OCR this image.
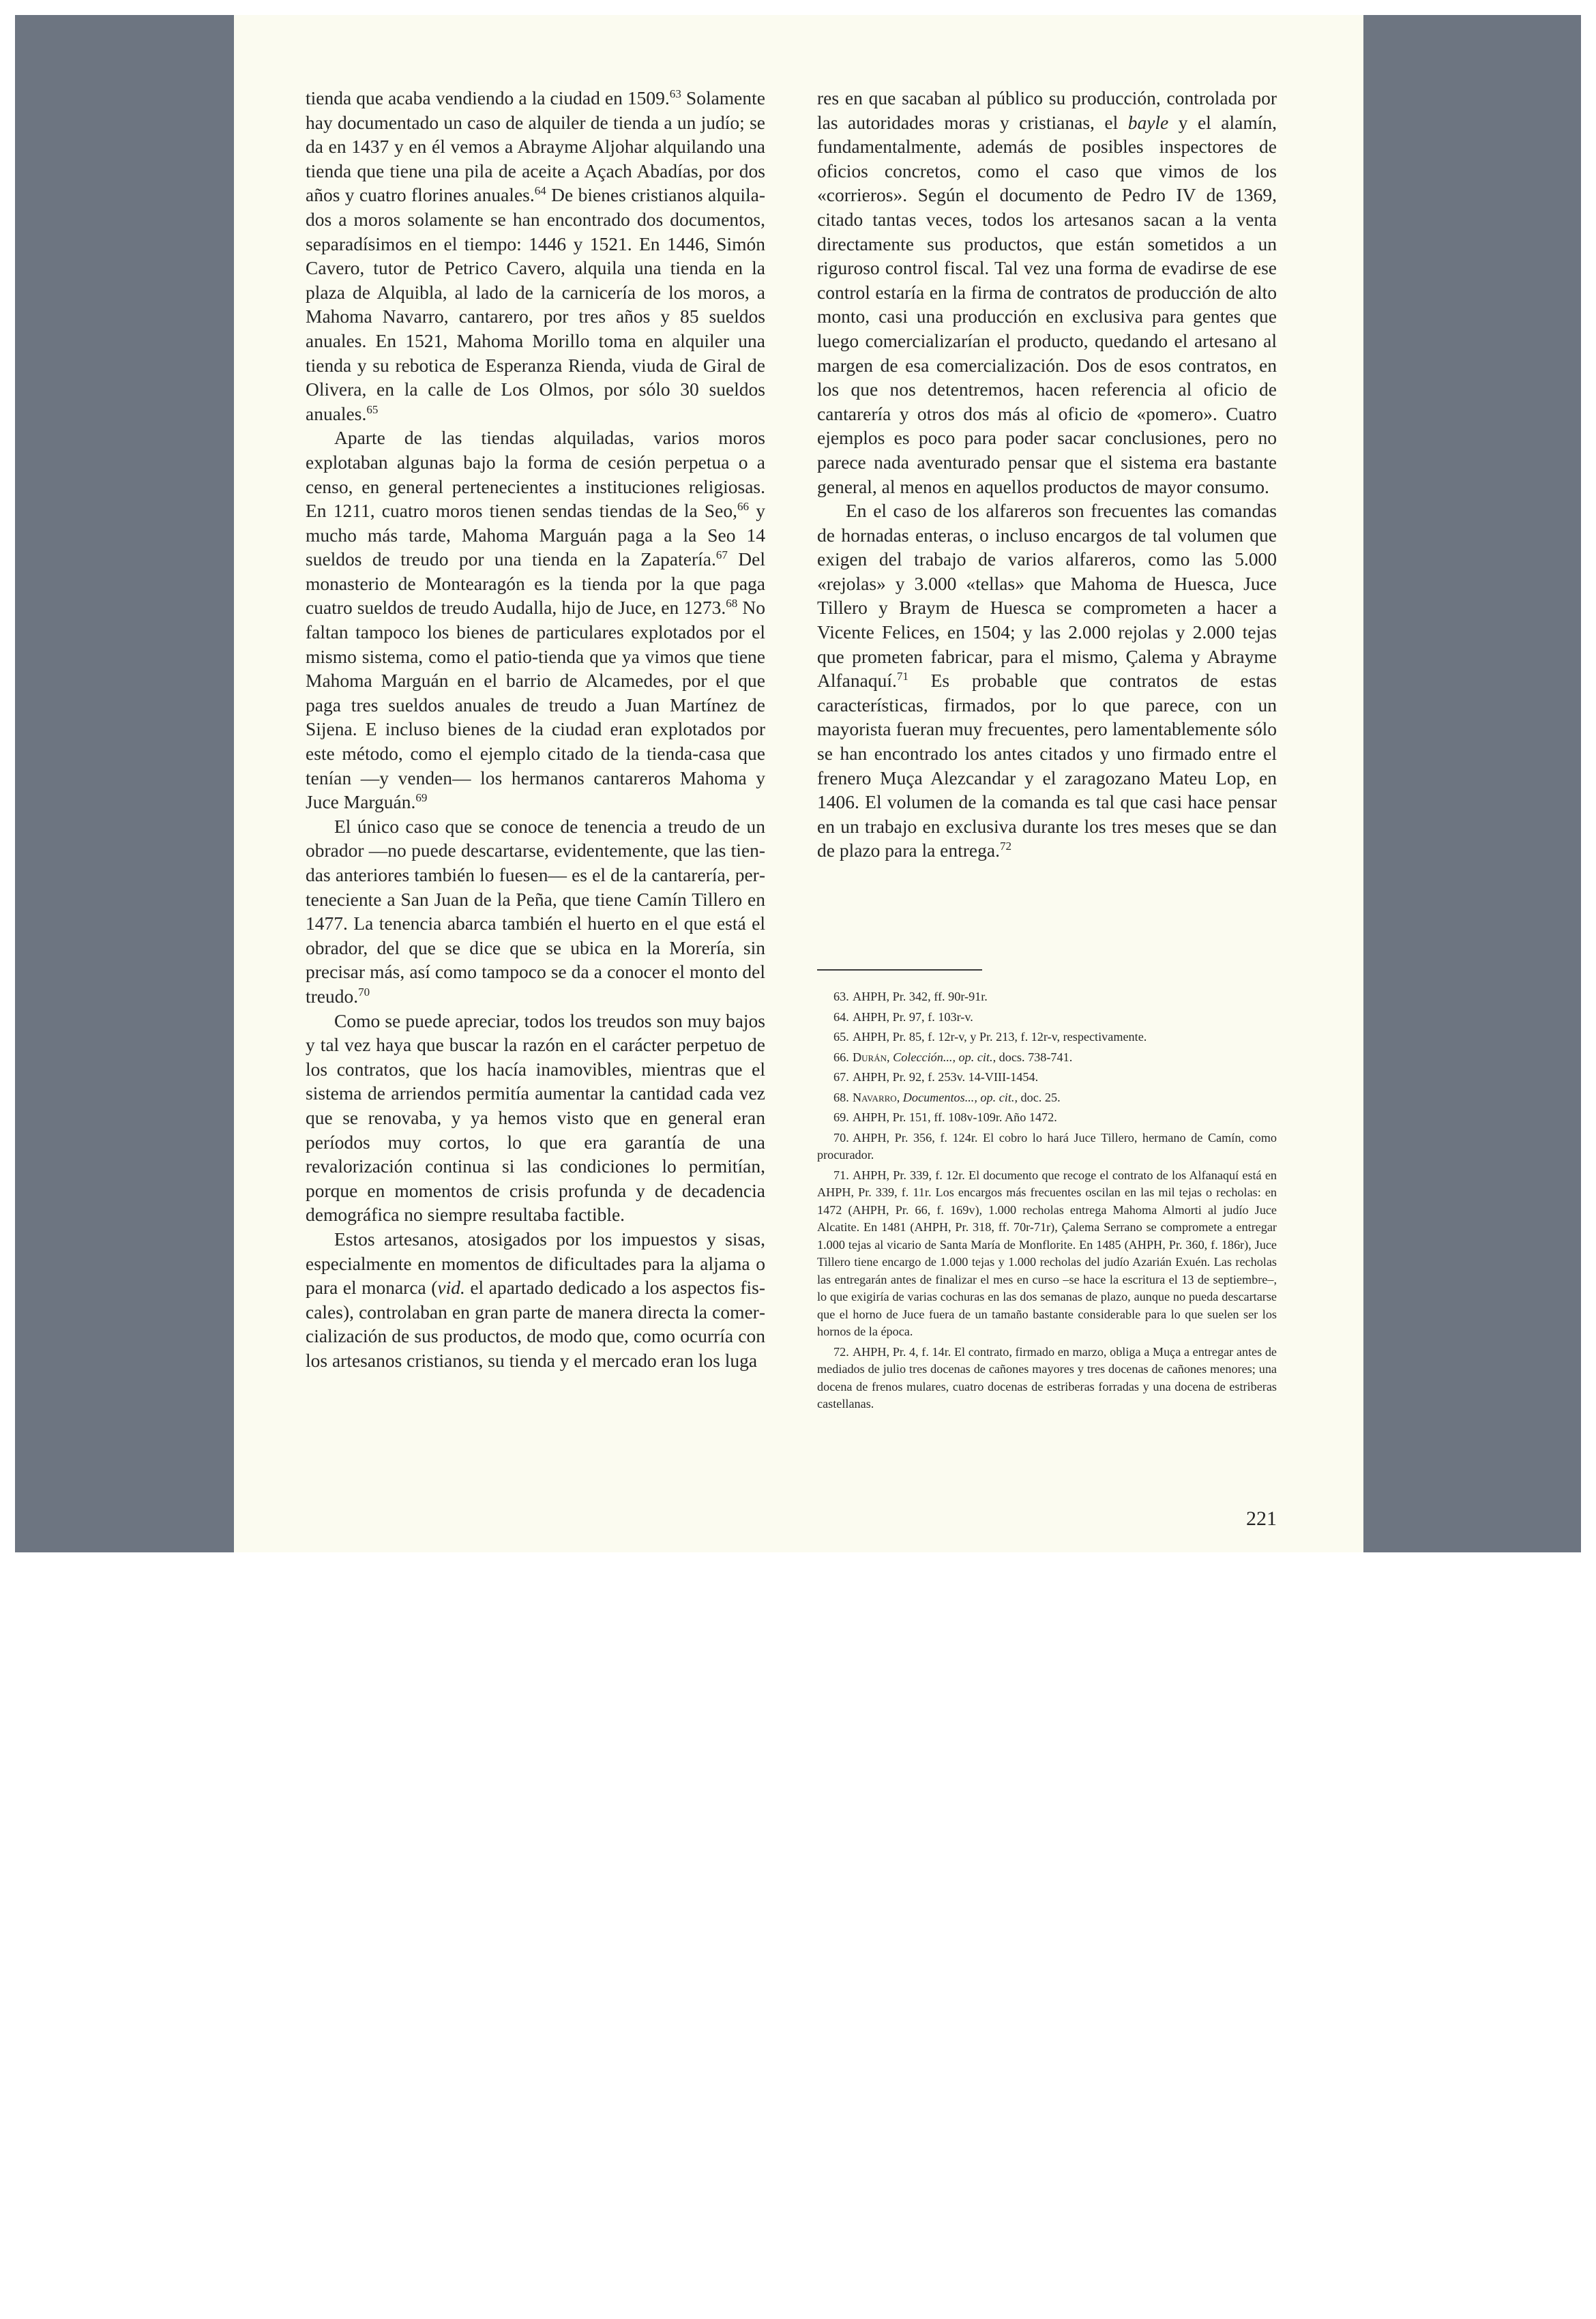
tienda que acaba vendiendo a la ciudad en 1509.63 Solamente hay documentado un caso de alquiler de tienda a un judío; se da en 1437 y en él vemos a Abrayme Aljohar alquilando una tienda que tiene una pila de aceite a Açach Abadías, por dos años y cuatro florines anuales.$^{64}$ De bienes cristianos alquilados a moros solamente se han encontrado dos documentos, separadísimos en el tiempo: 1446 y 1521. En 1446, Simón Cavero, tutor de Petrico Cavero, alquila una tienda en la plaza de Alquibla, al lado de la carnicería de los moros, a Mahoma Navarro, cantarero, por tres años y 85 sueldos anuales. En 1521, Mahoma Morillo toma en alquiler una tienda y su rebotica de Esperanza Rienda, viuda de Giral de Olivera, en la calle de Los Olmos, por sólo 30 sueldos anuales.$^{65}$

Aparte de las tiendas alquiladas, varios moros explotaban algunas bajo la forma de cesión perpetua o a censo, en general pertenecientes a instituciones religiosas. En 1211, cuatro moros tienen sendas tiendas de la Seo,$^{66}$ y mucho más tarde, Mahoma Marguán paga a la Seo 14 sueldos de treudo por una tienda en la Zapatería.$^{67}$ Del monasterio de Montearagón es la tienda por la que paga cuatro sueldos de treudo Audalla, hijo de Juce, en 1273.68 No faltan tampoco los bienes de particulares explotados por el mismo sistema, como el patio-tienda que ya vimos que tiene Mahoma Marguán en el barrio de Alcamedes, por el que paga tres sueldos anuales de treudo a Juan Martínez de Sijena. E incluso bienes de la ciudad eran explotados por este método, como el ejemplo citado de la tienda-casa que tenían —y venden— los hermanos cantareros Mahoma y Juce Marguán.$^{69}$

El único caso que se conoce de tenencia a treudo de un obrador —no puede descartarse, evidentemente, que las tiendas anteriores también lo fuesen— es el de la cantarería, perteneciente a San Juan de la Peña, que tiene Camín Tillero en 1477. La tenencia abarca también el huerto en el que está el obrador, del que se dice que se ubica en la Morería, sin precisar más, así como tampoco se da a conocer el monto del treudo.$^{70}$

Como se puede apreciar, todos los treudos son muy bajos y tal vez haya que buscar la razón en el carácter perpetuo de los contratos, que los hacía inamovibles, mientras que el sistema de arriendos permitía aumentar la cantidad cada vez que se renovaba, y ya hemos visto que en general eran períodos muy cortos, lo que era garantía de una revalorización continua si las condiciones lo permitían, porque en momentos de crisis profunda y de decadencia demográfica no siempre resultaba factible.

Estos artesanos, atosigados por los impuestos y sisas, especialmente en momentos de dificultades para la aljama o para el monarca (vid. el apartado dedicado a los aspectos fiscales), controlaban en gran parte de manera directa la comercialización de sus productos, de modo que, como ocurría con los artesanos cristianos, su tienda y el mercado eran los luga

res en que sacaban al público su producción, controlada por las autoridades moras y cristianas, el bayle y el alamín, fundamentalmente, además de posibles inspectores de oficios concretos, como el caso que vimos de los «corrieros». Según el documento de Pedro IV de 1369, citado tantas veces, todos los artesanos sacan a la venta directamente sus productos, que están sometidos a un riguroso control fiscal. Tal vez una forma de evadirse de ese control estaría en la firma de contratos de producción de alto monto, casi una producción en exclusiva para gentes que luego comercializarían el producto, quedando el artesano al margen de esa comercialización. Dos de esos contratos, en los que nos detentremos, hacen referencia al oficio de cantarería y otros dos más al oficio de «pomero». Cuatro ejemplos es poco para poder sacar conclusiones, pero no parece nada aventurado pensar que el sistema era bastante general, al menos en aquellos productos de mayor consumo.

En el caso de los alfareros son frecuentes las comandas de hornadas enteras, o incluso encargos de tal volumen que exigen del trabajo de varios alfareros, como las 5.000 «rejolas» y 3.000 «tellas» que Mahoma de Huesca, Juce Tillero y Braym de Huesca se comprometen a hacer a Vicente Felices, en 1504; y las 2.000 rejolas y 2.000 tejas que prometen fabricar, para el mismo, Çalema y Abrayme Alfanaquí.$^{71}$ Es probable que contratos de estas características, firmados, por lo que parece, con un mayorista fueran muy frecuentes, pero lamentablemente sólo se han encontrado los antes citados y uno firmado entre el frenero Muça Alezcandar y el zaragozano Mateu Lop, en 1406. El volumen de la comanda es tal que casi hace pensar en un trabajo en exclusiva durante los tres meses que se dan de plazo para la entrega.$^{72}$

63. AHPH, Pr. 342, ff. 90r-91r.

64. AHPH, Pr. 97, f. 103r-v.

65. AHPH, Pr. 85, f. 12r-v, y Pr. 213, f. 12r-v, respectivamente.

66. Durán, Colección..., op. cit., docs. 738-741.

67. AHPH, Pr. 92, f. 253v. 14-VIII-1454.

68. Navarro, Documentos..., op. cit., doc. 25.

69. AHPH, Pr. 151, ff. 108v-109r. Año 1472.

70. AHPH, Pr. 356, f. 124r. El cobro lo hará Juce Tillero, hermano de Camín, como procurador.

71. AHPH, Pr. 339, f. 12r. El documento que recoge el contrato de los Alfanaquí está en AHPH, Pr. 339, f. 11r. Los encargos más frecuentes oscilan en las mil tejas o recholas: en 1472 (AHPH, Pr. 66, f. 169v), 1.000 recholas entrega Mahoma Almorti al judío Juce Alcatite. En 1481 (AHPH, Pr. 318, ff. 70r-71r), Çalema Serrano se compromete a entregar 1.000 tejas al vicario de Santa María de Monflorite. En 1485 (AHPH, Pr. 360, f. 186r), Juce Tillero tiene encargo de 1.000 tejas y 1.000 recholas del judío Azarián Exuén. Las recholas las entregarán antes de finalizar el mes en curso –se hace la escritura el 13 de septiembre–, lo que exigiría de varias cochuras en las dos semanas de plazo, aunque no pueda descartarse que el horno de Juce fuera de un tamaño bastante considerable para lo que suelen ser los hornos de la época.

72. AHPH, Pr. 4, f. 14r. El contrato, firmado en marzo, obliga a Muça a entregar antes de mediados de julio tres docenas de cañones mayores y tres docenas de cañones menores; una docena de frenos mulares, cuatro docenas de estriberas forradas y una docena de estriberas castellanas.

221
